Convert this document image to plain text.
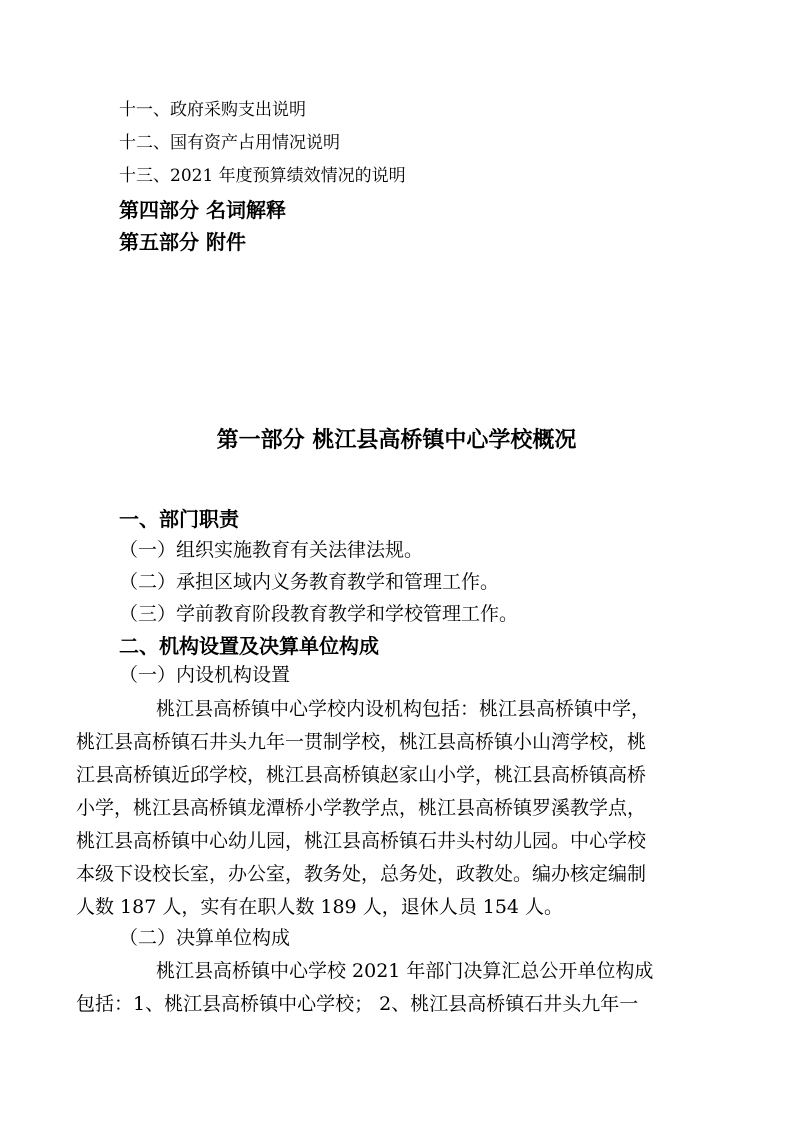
十一、政府采购支出说明
十二、国有资产占用情况说明
十三、2021 年度预算绩效情况的说明
第四部分 名词解释
第五部分 附件
第一部分 桃江县高桥镇中心学校概况
一、部门职责
（一）组织实施教育有关法律法规。
（二）承担区域内义务教育教学和管理工作。
（三）学前教育阶段教育教学和学校管理工作。
二、机构设置及决算单位构成
（一）内设机构设置
桃江县高桥镇中心学校内设机构包括：桃江县高桥镇中学，
桃江县高桥镇石井头九年一贯制学校，桃江县高桥镇小山湾学校，桃
江县高桥镇近邱学校，桃江县高桥镇赵家山小学，桃江县高桥镇高桥
小学，桃江县高桥镇龙潭桥小学教学点，桃江县高桥镇罗溪教学点，
桃江县高桥镇中心幼儿园，桃江县高桥镇石井头村幼儿园。中心学校
本级下设校长室，办公室，教务处，总务处，政教处。编办核定编制
人数 187 人，实有在职人数 189 人，退休人员 154 人。
（二）决算单位构成
桃江县高桥镇中心学校 2021 年部门决算汇总公开单位构成
包括：1、桃江县高桥镇中心学校； 2、桃江县高桥镇石井头九年一
